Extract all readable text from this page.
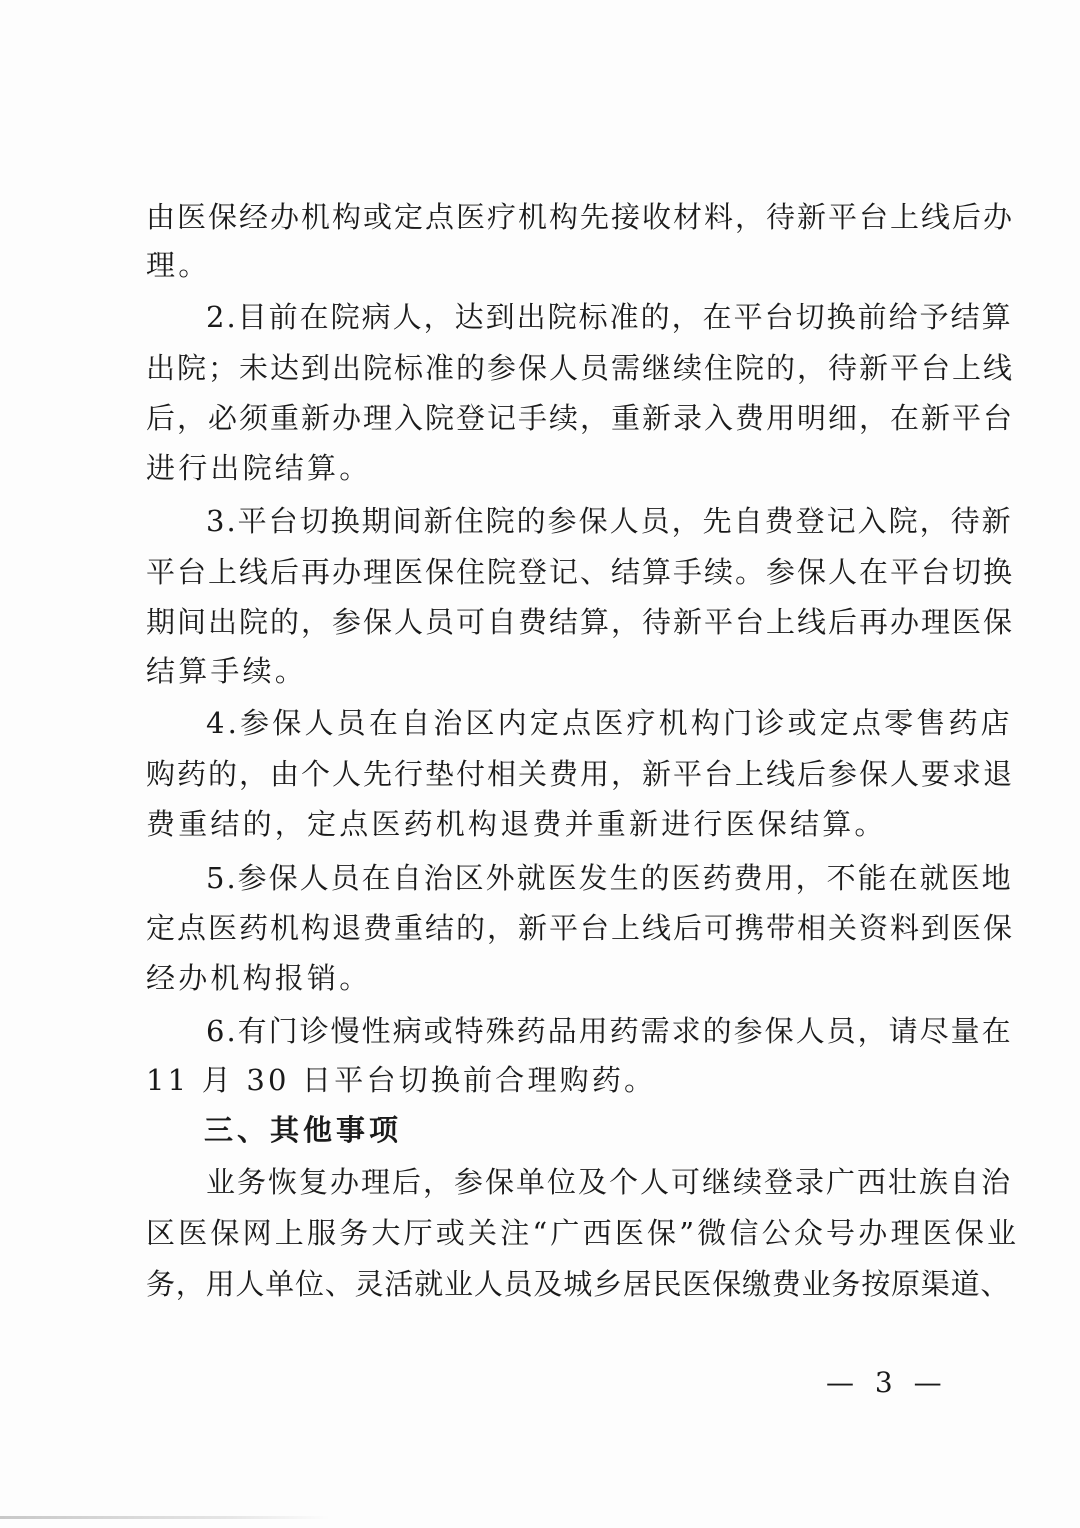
由医保经办机构或定点医疗机构先接收材料，待新平台上线后办
理。
2.目前在院病人，达到出院标准的，在平台切换前给予结算
出院；未达到出院标准的参保人员需继续住院的，待新平台上线
后，必须重新办理入院登记手续，重新录入费用明细，在新平台
进行出院结算。
3.平台切换期间新住院的参保人员，先自费登记入院，待新
平台上线后再办理医保住院登记、结算手续。参保人在平台切换
期间出院的，参保人员可自费结算，待新平台上线后再办理医保
结算手续。
4.参保人员在自治区内定点医疗机构门诊或定点零售药店
购药的，由个人先行垫付相关费用，新平台上线后参保人要求退
费重结的，定点医药机构退费并重新进行医保结算。
5.参保人员在自治区外就医发生的医药费用，不能在就医地
定点医药机构退费重结的，新平台上线后可携带相关资料到医保
经办机构报销。
6.有门诊慢性病或特殊药品用药需求的参保人员，请尽量在
11 月 30 日平台切换前合理购药。
三、其他事项
业务恢复办理后，参保单位及个人可继续登录广西壮族自治
区医保网上服务大厅或关注“广西医保”微信公众号办理医保业
务，用人单位、灵活就业人员及城乡居民医保缴费业务按原渠道、
— 3 —
